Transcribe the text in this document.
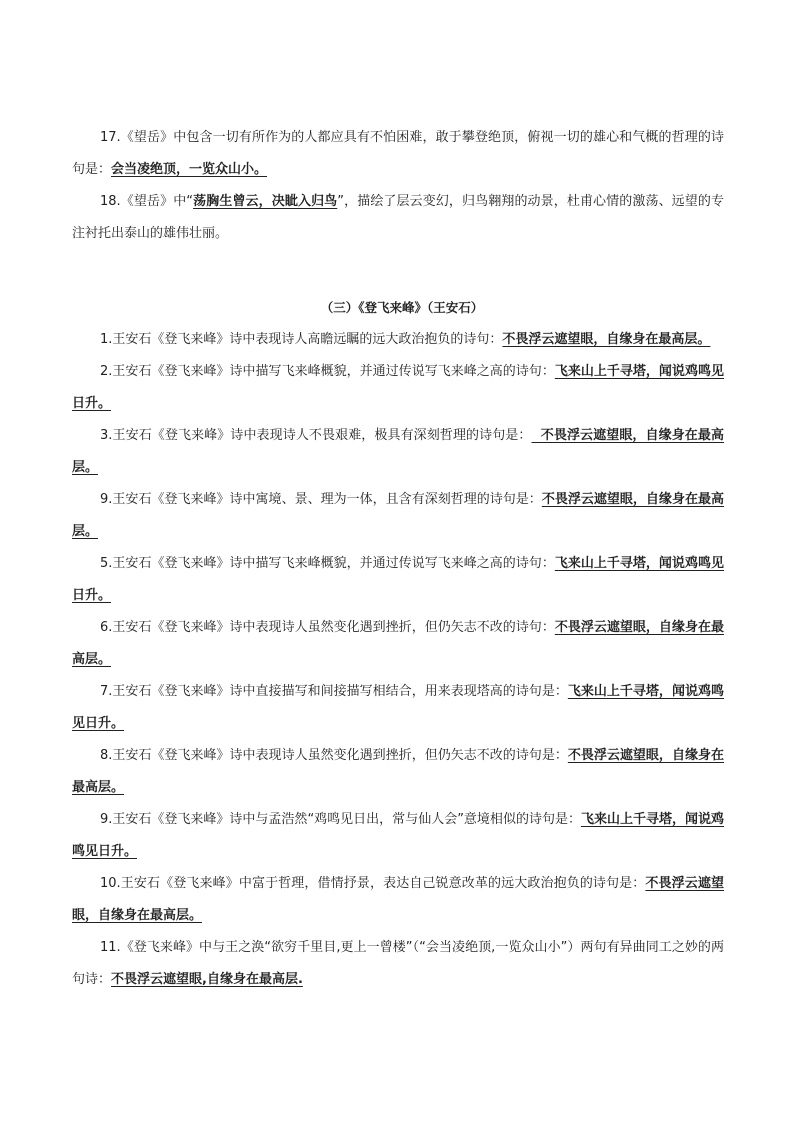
17.《望岳》中包含一切有所作为的人都应具有不怕困难，敢于攀登绝顶，俯视一切的雄心和气概的哲理的诗句是：会当凌绝顶，一览众山小。

18.《望岳》中“荡胸生曾云，决眦入归鸟”，描绘了层云变幻，归鸟翱翔的动景，杜甫心情的激荡、远望的专注衬托出泰山的雄伟壮丽。

（三）《登飞来峰》（王安石）

1.王安石《登飞来峰》诗中表现诗人高瞻远瞩的远大政治抱负的诗句：不畏浮云遮望眼，自缘身在最高层。

2.王安石《登飞来峰》诗中描写飞来峰概貌，并通过传说写飞来峰之高的诗句：飞来山上千寻塔，闻说鸡鸣见日升。

3.王安石《登飞来峰》诗中表现诗人不畏艰难，极具有深刻哲理的诗句是：  不畏浮云遮望眼，自缘身在最高层。

9.王安石《登飞来峰》诗中寓境、景、理为一体，且含有深刻哲理的诗句是：不畏浮云遮望眼，自缘身在最高层。

5.王安石《登飞来峰》诗中描写飞来峰概貌，并通过传说写飞来峰之高的诗句：飞来山上千寻塔，闻说鸡鸣见日升。

6.王安石《登飞来峰》诗中表现诗人虽然变化遇到挫折，但仍矢志不改的诗句：不畏浮云遮望眼，自缘身在最高层。

7.王安石《登飞来峰》诗中直接描写和间接描写相结合，用来表现塔高的诗句是：飞来山上千寻塔，闻说鸡鸣见日升。

8.王安石《登飞来峰》诗中表现诗人虽然变化遇到挫折，但仍矢志不改的诗句是：不畏浮云遮望眼，自缘身在最高层。

9.王安石《登飞来峰》诗中与孟浩然“鸡鸣见日出，常与仙人会”意境相似的诗句是：飞来山上千寻塔，闻说鸡鸣见日升。

10.王安石《登飞来峰》中富于哲理，借情抒景，表达自己锐意改革的远大政治抱负的诗句是：不畏浮云遮望眼，自缘身在最高层。

11.《登飞来峰》中与王之涣“欲穷千里目,更上一曾楼”（“会当凌绝顶,一览众山小”）两句有异曲同工之妙的两句诗：不畏浮云遮望眼,自缘身在最高层.
